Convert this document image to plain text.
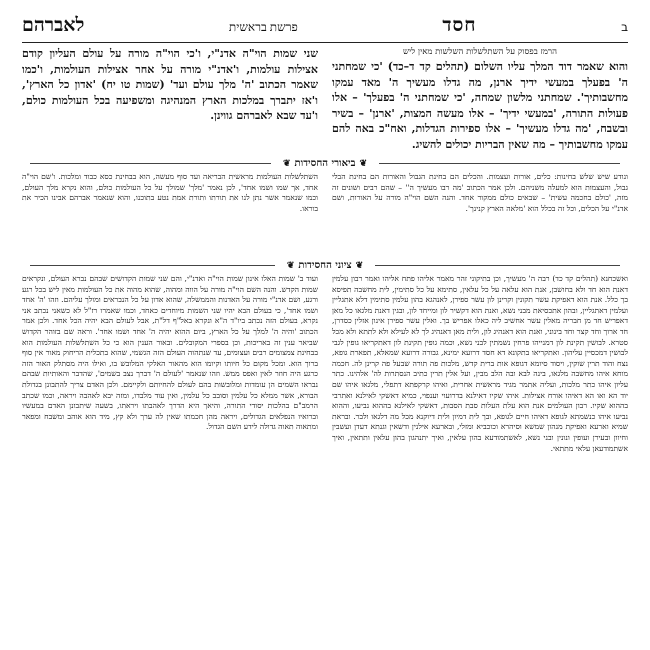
ב
חסד
פרשת בראשית
לאברהם
הרמז בפסוק על השתלשלות השלשות מאין ליש
והוא שאמר דוד המלך עליו השלום (תהלים קד ד–כד) 'כי שמחתני ה' בפעלך במעשי ידיך ארנן, מה גדלו מעשיך ה' מאד עמקו מחשבותיך'. שמחתני מלשון שמחה, 'כי שמחתני ה' בפעלך' – אלו פעולות התורה, 'במעשי ידיך' – אלו מעשה המצות, 'ארנן' – בשיר ובשבח, 'מה גדלו מעשיך' – אלו ספירות הגדלות, ואח"כ באה להם עמקו מחשבותיך – מה שאין הבריות יכולים להשיג.
שני שמות הוי"ה אדנ"י, ו'כי הוי"ה מורה על עולם העליון קודם אצילות עולמות, ו'אדנ"י מורה על אחר אצילות העולמות, ו'כמו שאמר הכתוב 'ה' מלך עולם ועד' (שמות טו יח) 'אדון כל הארץ', ו'אז יתברך במלכות הארץ המנהיגה ומשפיעה בכל העולמות כולם, ו'עד שבא לאברהם גווינן.
❦
ביאורי החסידות
❦
ונודע שיש שלש בחינות: כלים, אורות ועצמות. והכלים הם בחינת הגבול והאורות הם בחינת הבלי גבול, והעצמות הוא למעלה משניהם. ולכן אמר הכתוב 'מה רבו מעשיך ה'' – שהם רבים ושונים זה מזה, 'כולם בחכמה עשית' – שבאים כולם ממקור אחד. והנה השם הוי"ה מורה על האורות, ושם אדנ"י על הכלים, וכל זה בכלל הוא 'מלאה הארץ קנינך'.
השתלשלות העולמות מראשית הבריאה ועד סוף מעשה, הוא בבחינת כסא כבוד ומלכות. ו'שם הוי"ה אחד, אך שמו ושמו אחד', לכן נאמר 'מלך' שמולך על כל העולמות כולם, והוא נקרא מלך העולם, וכמו שנאמר אשר נתן לנו את תורתו ותורת אמת נטע בתוכנו, והוא שנאמר אברהם אבינו הכיר את בוראו.
❦
ציוני החסידות
❦
ואשכחנא (תהלים קד כד) רבה ה' מעשיך, וכן בתיקוני זהר מאמר אליהו פתח אליהו ואמר רבון עלמין דאנת הוא חד ולא בחושבן, אנת הוא עלאה על כל עלאין, סתימא על כל סתימין, לית מחשבה תפיסא בך כלל. אנת הוא דאפיקת עשר תקונין וקרינן לון עשר ספירן, לאנהגא בהון עלמין סתימין דלא אתגליין ועלמין דאתגליין, ובהון אתכסיאת מבני נשא, ואנת הוא דקשיר לון ומייחד לון, ובגין דאנת מלגאו כל מאן דאפריש חד מן חבריה מאלין עשר אחשיב ליה כאלו אפריש בך. ואלין עשר ספירן אינון אזלין כסדרן, חד ארוך וחד קצר וחד בינוני, ואנת הוא דאנהיג לון, ולית מאן דאנהיג לך לא לעילא ולא לתתא ולא מכל סטרא. לבושין תקינת לון דמנייהו פרחין נשמתין לבני נשא, וכמה גופין תקינת לון דאתקריאו גופין לגבי לבושין דמכסיין עליהון. ואתקריאו בתקונא דא חסד דרועא ימינא, גבורה דרועא שמאלא, תפארת גופא, נצח והוד תרין שוקין, ויסוד סיומא דגופא אות ברית קדש, מלכות פה תורה שבעל פה קרינן לה. חכמה מוחא איהו מחשבה מלגאו, בינה לבא ובה הלב מבין, ועל אלין תרין כתיב הנסתרות לה' אלהינו. כתר עליון איהו כתר מלכות, ועליה אתמר מגיד מראשית אחרית, ואיהו קרקפתא דתפלי, מלגאו איהו שם יוד הא ואו הא דאיהו אורח אצילות. איהו שקיו דאילנא בדרועוי וענפוי, כמיא דאשקי לאילנא ואתרבי בההוא שקיו. רבון העולמים אנת הוא עלת העלות סבת הסבות, דאשקי לאילנא בההוא נביעו, וההוא נביעו איהו כנשמתא לגופא דאיהו חיים לגופא, ובך לית דמיון ולית דיוקנא מכל מה דלגאו ולבר. ובראת שמיא וארעא ואפיקת מנהון שמשא וסיהרא וכוכביא ומזלי, ובארעא אילנין ודשאין וגנתא דעדן ועשבין וחיוון ובעירן ועופין ונונין ובני נשא, לאשתמודעא בהון עלאין, ואיך יתנהגון בהון עלאין ותתאין, ואיך אשתמודעאן עלאי מתתאי.
ועוד ב' שמות האלו אינון שמות הוי"ה ואדנ"י, והם שני שמות הקדושים שבהם נברא העולם, ונקראים שמות הקדש. והנה השם הוי"ה מורה על הווה ומהוה, שהוא מהוה את כל העולמות מאין ליש בכל רגע ורגע, ושם אדנ"י מורה על האדנות והממשלה, שהוא אדון על כל הנבראים ומולך עליהם. וזהו 'ה' אחד ושמו אחד', כי בעולם הבא יהיו שני השמות מיוחדים כאחד, וכמו שאמרו רז"ל לא כשאני נכתב אני נקרא, בעולם הזה נכתב ביו"ד ה"א ונקרא באל"ף דל"ת, אבל לעולם הבא יהיה הכל אחד. ולכן אמר הכתוב 'והיה ה' למלך על כל הארץ, ביום ההוא יהיה ה' אחד ושמו אחד'. וראה שם בזוהר הקדוש שביאר ענין זה באריכות, וכן בספרי המקובלים. ובאור הענין הוא כי כל השתלשלות העולמות הוא בבחינת צמצומים רבים ועצומים, עד שנתהוה העולם הזה הגשמי, שהוא בתכלית הריחוק מאור אין סוף ברוך הוא. ומכל מקום כל חיותו וקיומו הוא מהאור האלקי המלובש בו, ואילו היה מסתלק האור הזה כרגע היה חוזר לאין ואפס ממש. וזהו שנאמר 'לעולם ה' דברך נצב בשמים', שהדבר והאותיות שבהם נבראו השמים הן עומדות ומלובשות בהם לעולם להחיותם ולקיימם. ולכן האדם צריך להתבונן בגדולת הבורא, אשר ממלא כל עלמין וסובב כל עלמין, ואין עוד מלבדו, ומזה יבא לאהבה ויראה, וכמו שכתב הרמב"ם בהלכות יסודי התורה, והיאך היא הדרך לאהבתו ויראתו, בשעה שיתבונן האדם במעשיו וברואיו הנפלאים הגדולים, ויראה מהן חכמתו שאין לה ערך ולא קץ, מיד הוא אוהב ומשבח ומפאר ומתאוה תאוה גדולה לידע השם הגדול.
